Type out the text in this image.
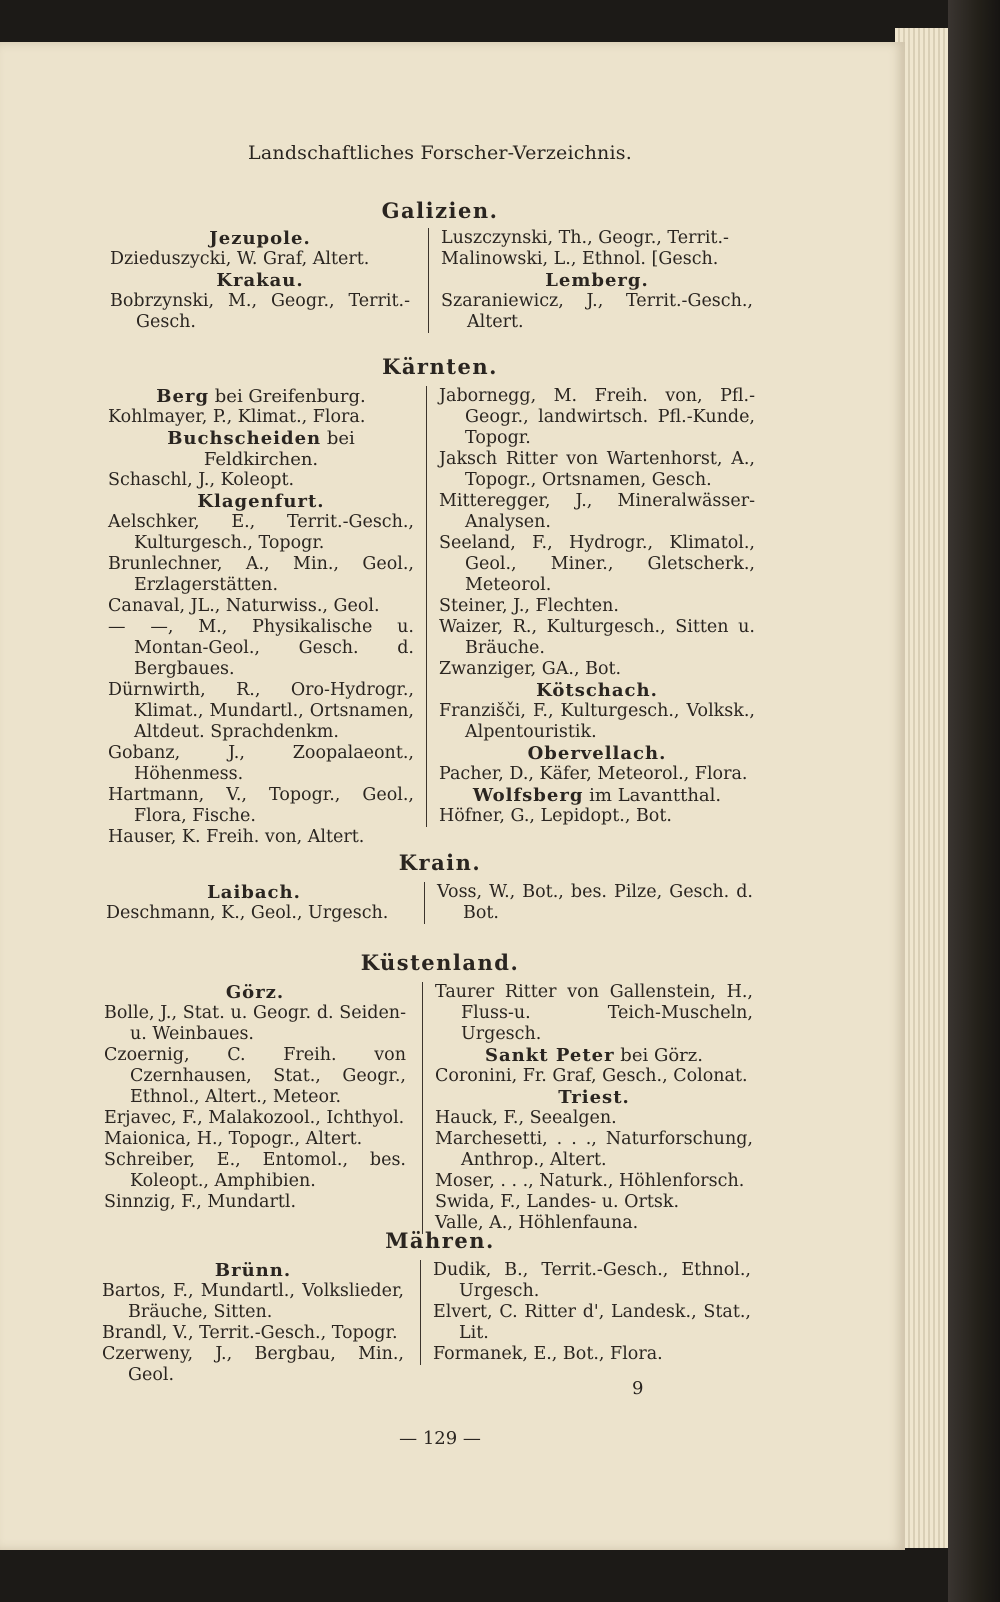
Landschaftliches Forscher-Verzeichnis.
Galizien.
Jezupole.
Dzieduszycki, W. Graf, Altert.
Krakau.
Bobrzynski, M., Geogr., Territ.-Gesch.
Luszczynski, Th., Geogr., Territ.-
Malinowski, L., Ethnol. [Gesch.
Lemberg.
Szaraniewicz, J., Territ.-Gesch., Altert.
Kärnten.
Berg bei Greifenburg.
Kohlmayer, P., Klimat., Flora.
Buchscheiden bei Feldkirchen.
Schaschl, J., Koleopt.
Klagenfurt.
Aelschker, E., Territ.-Gesch., Kulturgesch., Topogr.
Brunlechner, A., Min., Geol., Erzlagerstätten.
Canaval, JL., Naturwiss., Geol.
— —, M., Physikalische u. Montan-Geol., Gesch. d. Bergbaues.
Dürnwirth, R., Oro-Hydrogr., Klimat., Mundartl., Ortsnamen, Altdeut. Sprachdenkm.
Gobanz, J., Zoopalaeont., Höhenmess.
Hartmann, V., Topogr., Geol., Flora, Fische.
Hauser, K. Freih. von, Altert.
Jabornegg, M. Freih. von, Pfl.-Geogr., landwirtsch. Pfl.-Kunde, Topogr.
Jaksch Ritter von Wartenhorst, A., Topogr., Ortsnamen, Gesch.
Mitteregger, J., Mineralwässer-Analysen.
Seeland, F., Hydrogr., Klimatol., Geol., Miner., Gletscherk., Meteorol.
Steiner, J., Flechten.
Waizer, R., Kulturgesch., Sitten u. Bräuche.
Zwanziger, GA., Bot.
Kötschach.
Franzišči, F., Kulturgesch., Volksk., Alpentouristik.
Obervellach.
Pacher, D., Käfer, Meteorol., Flora.
Wolfsberg im Lavantthal.
Höfner, G., Lepidopt., Bot.
Krain.
Laibach.
Deschmann, K., Geol., Urgesch.
Voss, W., Bot., bes. Pilze, Gesch. d. Bot.
Küstenland.
Görz.
Bolle, J., Stat. u. Geogr. d. Seiden- u. Weinbaues.
Czoernig, C. Freih. von Czernhausen, Stat., Geogr., Ethnol., Altert., Meteor.
Erjavec, F., Malakozool., Ichthyol.
Maionica, H., Topogr., Altert.
Schreiber, E., Entomol., bes. Koleopt., Amphibien.
Sinnzig, F., Mundartl.
Taurer Ritter von Gallenstein, H., Fluss-u. Teich-Muscheln, Urgesch.
Sankt Peter bei Görz.
Coronini, Fr. Graf, Gesch., Colonat.
Triest.
Hauck, F., Seealgen.
Marchesetti, . . ., Naturforschung, Anthrop., Altert.
Moser, . . ., Naturk., Höhlenforsch.
Swida, F., Landes- u. Ortsk.
Valle, A., Höhlenfauna.
Mähren.
Brünn.
Bartos, F., Mundartl., Volkslieder, Bräuche, Sitten.
Brandl, V., Territ.-Gesch., Topogr.
Czerweny, J., Bergbau, Min., Geol.
Dudik, B., Territ.-Gesch., Ethnol., Urgesch.
Elvert, C. Ritter d', Landesk., Stat., Lit.
Formanek, E., Bot., Flora.
9
— 129 —
